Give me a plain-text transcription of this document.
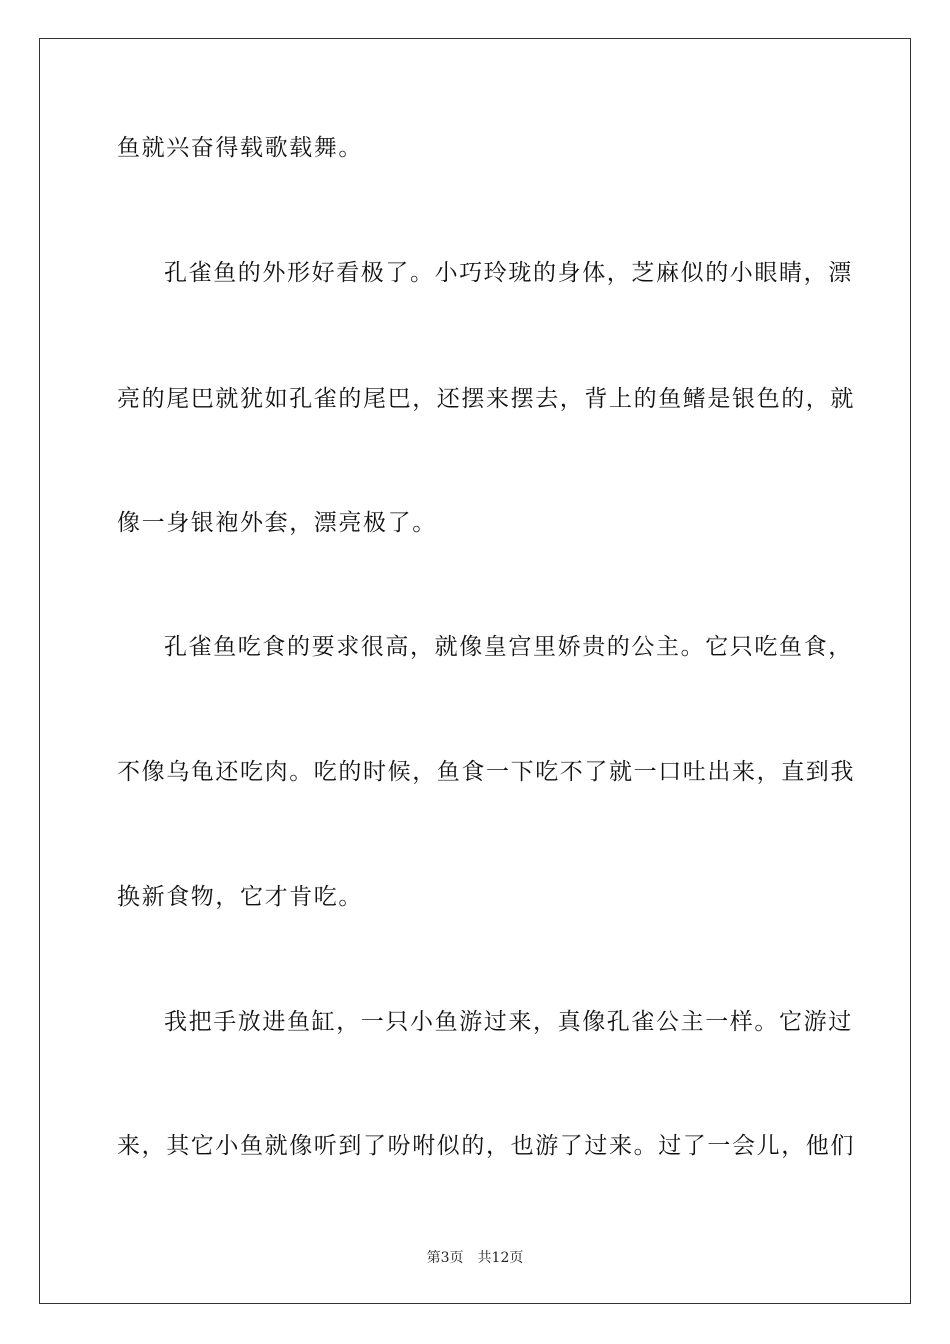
鱼就兴奋得载歌载舞。
孔雀鱼的外形好看极了。小巧玲珑的身体，芝麻似的小眼睛，漂
亮的尾巴就犹如孔雀的尾巴，还摆来摆去，背上的鱼鳍是银色的，就
像一身银袍外套，漂亮极了。
孔雀鱼吃食的要求很高，就像皇宫里娇贵的公主。它只吃鱼食，
不像乌龟还吃肉。吃的时候，鱼食一下吃不了就一口吐出来，直到我
换新食物，它才肯吃。
我把手放进鱼缸，一只小鱼游过来，真像孔雀公主一样。它游过
来，其它小鱼就像听到了吩咐似的，也游了过来。过了一会儿，他们
第3页 共12页
